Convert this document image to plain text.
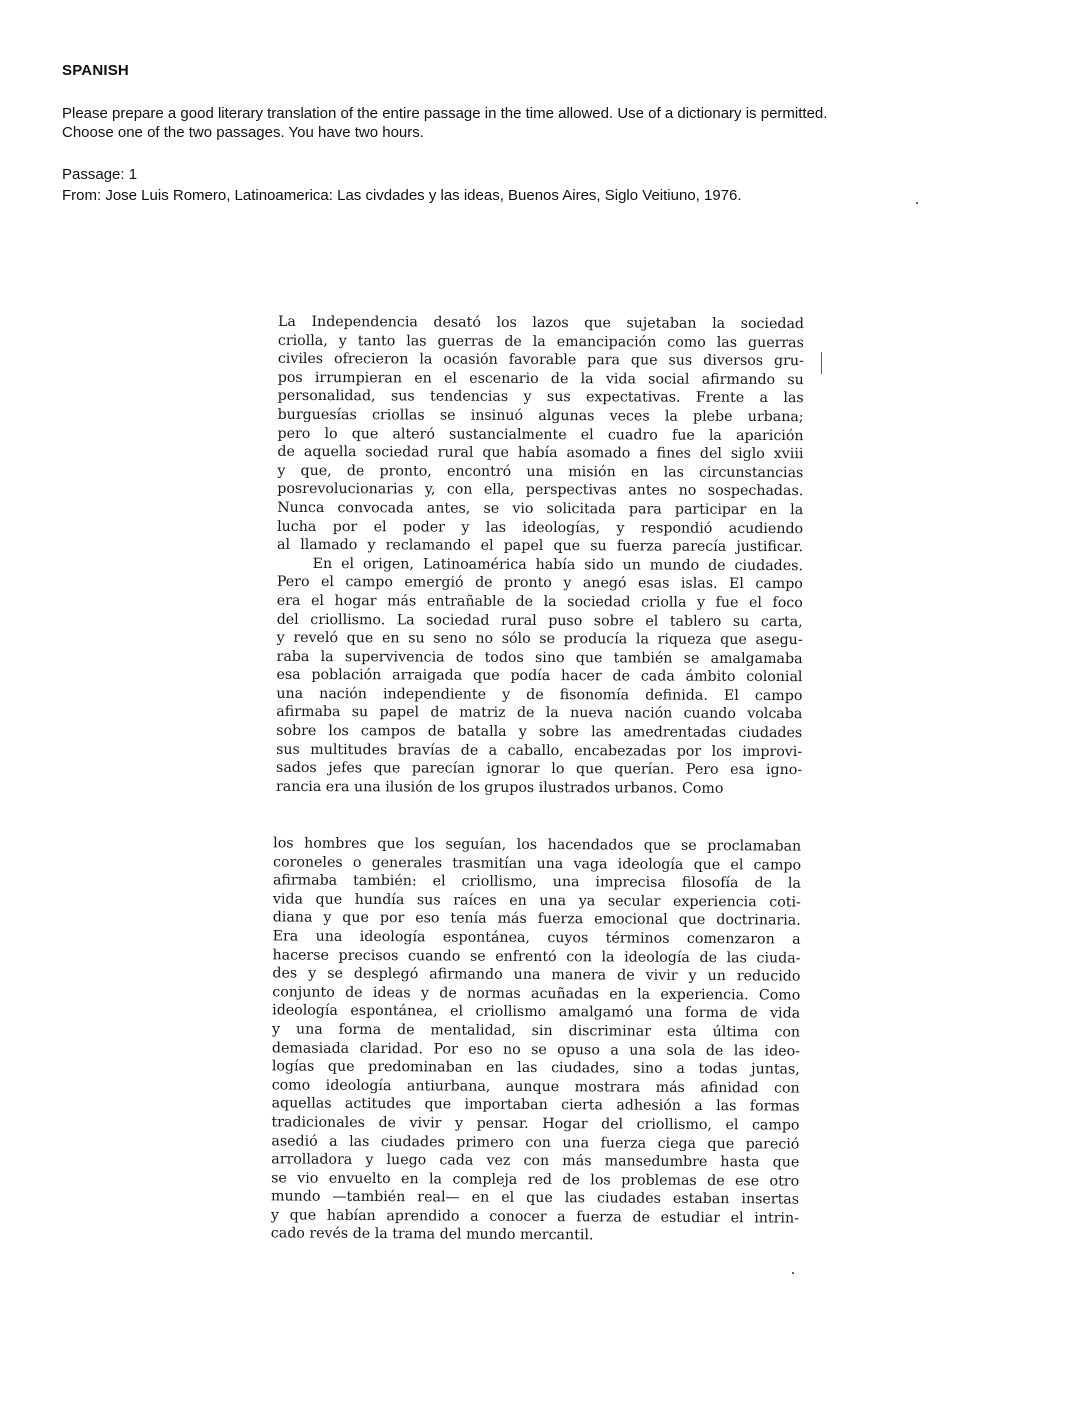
SPANISH
Please prepare a good literary translation of the entire passage in the time allowed. Use of a dictionary is permitted.
Choose one of the two passages. You have two hours.
Passage: 1
From: Jose Luis Romero, Latinoamerica: Las civdades y las ideas, Buenos Aires, Siglo Veitiuno, 1976.
La Independencia desató los lazos que sujetaban la sociedad
criolla, y tanto las guerras de la emancipación como las guerras
civiles ofrecieron la ocasión favorable para que sus diversos gru-
pos irrumpieran en el escenario de la vida social afirmando su
personalidad, sus tendencias y sus expectativas. Frente a las
burguesías criollas se insinuó algunas veces la plebe urbana;
pero lo que alteró sustancialmente el cuadro fue la aparición
de aquella sociedad rural que había asomado a fines del siglo xviii
y que, de pronto, encontró una misión en las circunstancias
posrevolucionarias y, con ella, perspectivas antes no sospechadas.
Nunca convocada antes, se vio solicitada para participar en la
lucha por el poder y las ideologías, y respondió acudiendo
al llamado y reclamando el papel que su fuerza parecía justificar.
En el origen, Latinoamérica había sido un mundo de ciudades.
Pero el campo emergió de pronto y anegó esas islas. El campo
era el hogar más entrañable de la sociedad criolla y fue el foco
del criollismo. La sociedad rural puso sobre el tablero su carta,
y reveló que en su seno no sólo se producía la riqueza que asegu-
raba la supervivencia de todos sino que también se amalgamaba
esa población arraigada que podía hacer de cada ámbito colonial
una nación independiente y de fisonomía definida. El campo
afirmaba su papel de matriz de la nueva nación cuando volcaba
sobre los campos de batalla y sobre las amedrentadas ciudades
sus multitudes bravías de a caballo, encabezadas por los improvi-
sados jefes que parecían ignorar lo que querían. Pero esa igno-
rancia era una ilusión de los grupos ilustrados urbanos. Como
los hombres que los seguían, los hacendados que se proclamaban
coroneles o generales trasmitían una vaga ideología que el campo
afirmaba también: el criollismo, una imprecisa filosofía de la
vida que hundía sus raíces en una ya secular experiencia coti-
diana y que por eso tenía más fuerza emocional que doctrinaria.
Era una ideología espontánea, cuyos términos comenzaron a
hacerse precisos cuando se enfrentó con la ideología de las ciuda-
des y se desplegó afirmando una manera de vivir y un reducido
conjunto de ideas y de normas acuñadas en la experiencia. Como
ideología espontánea, el criollismo amalgamó una forma de vida
y una forma de mentalidad, sin discriminar esta última con
demasiada claridad. Por eso no se opuso a una sola de las ideo-
logías que predominaban en las ciudades, sino a todas juntas,
como ideología antiurbana, aunque mostrara más afinidad con
aquellas actitudes que importaban cierta adhesión a las formas
tradicionales de vivir y pensar. Hogar del criollismo, el campo
asedió a las ciudades primero con una fuerza ciega que pareció
arrolladora y luego cada vez con más mansedumbre hasta que
se vio envuelto en la compleja red de los problemas de ese otro
mundo —también real— en el que las ciudades estaban insertas
y que habían aprendido a conocer a fuerza de estudiar el intrin-
cado revés de la trama del mundo mercantil.
